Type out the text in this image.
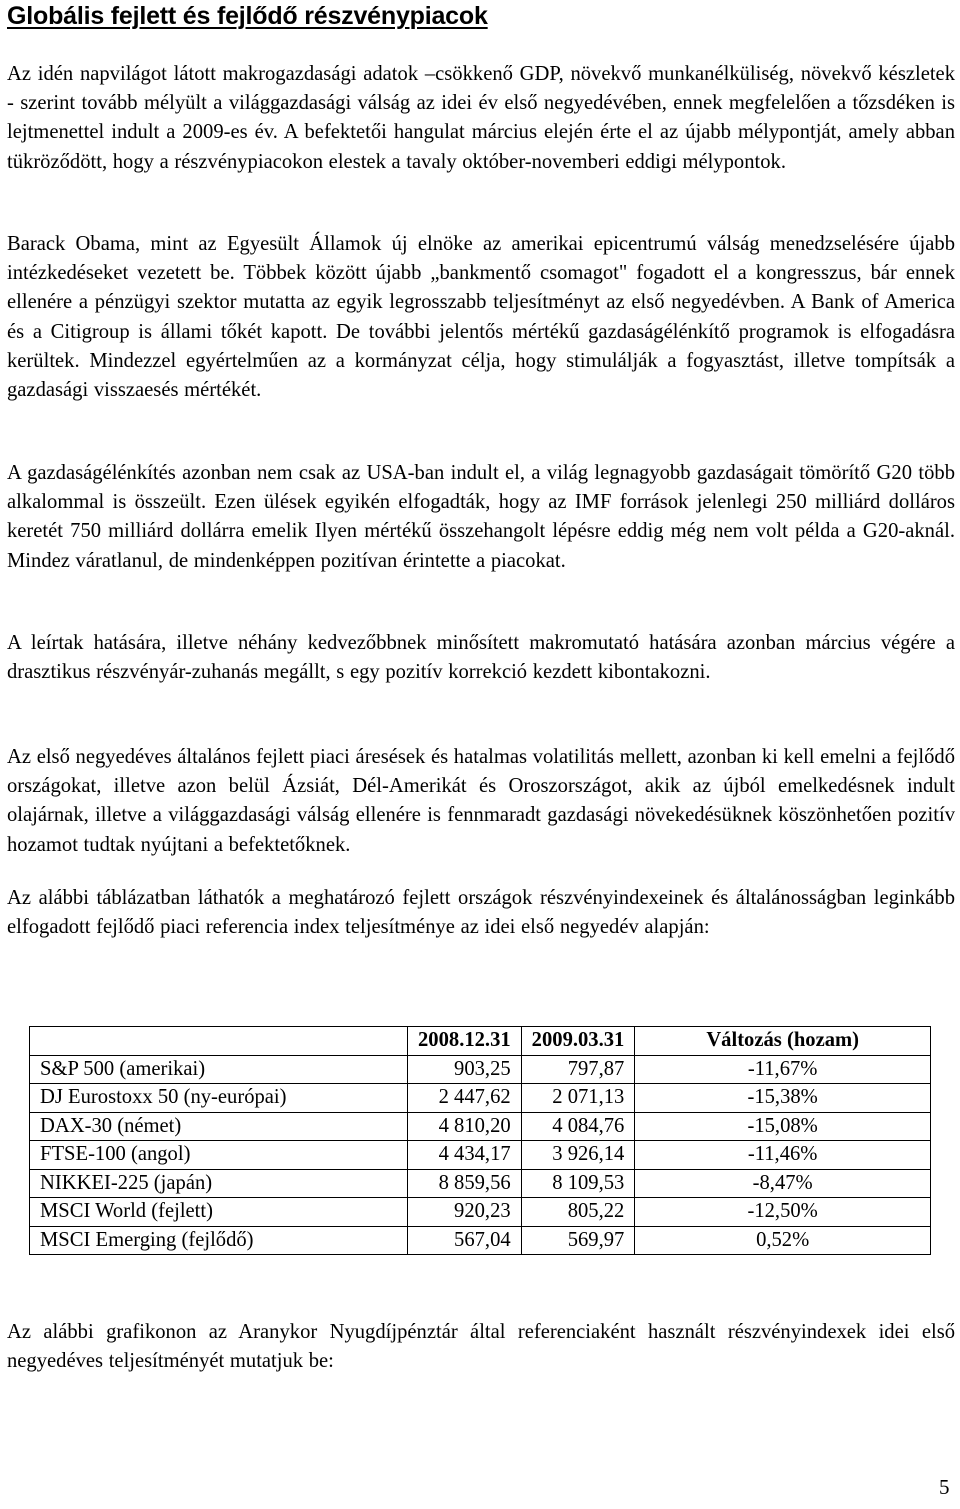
Globális fejlett és fejlődő részvénypiacok

Az idén napvilágot látott makrogazdasági adatok –csökkenő GDP, növekvő munkanélküliség, növekvő készletek - szerint tovább mélyült a világgazdasági válság az idei év első negyedévében, ennek megfelelően a tőzsdéken is lejtmenettel indult a 2009-es év. A befektetői hangulat március elején érte el az újabb mélypontját, amely abban tükröződött, hogy a részvénypiacokon elestek a tavaly október-novemberi eddigi mélypontok.

Barack Obama, mint az Egyesült Államok új elnöke az amerikai epicentrumú válság menedzselésére újabb intézkedéseket vezetett be. Többek között újabb „bankmentő csomagot" fogadott el a kongresszus, bár ennek ellenére a pénzügyi szektor mutatta az egyik legrosszabb teljesítményt az első negyedévben. A Bank of America és a Citigroup is állami tőkét kapott. De további jelentős mértékű gazdaságélénkítő programok is elfogadásra kerültek. Mindezzel egyértelműen az a kormányzat célja, hogy stimulálják a fogyasztást, illetve tompítsák a gazdasági visszaesés mértékét.

A gazdaságélénkítés azonban nem csak az USA-ban indult el, a világ legnagyobb gazdaságait tömörítő G20 több alkalommal is összeült. Ezen ülések egyikén elfogadták, hogy az IMF források jelenlegi 250 milliárd dolláros keretét 750 milliárd dollárra emelik Ilyen mértékű összehangolt lépésre eddig még nem volt példa a G20-aknál. Mindez váratlanul, de mindenképpen pozitívan érintette a piacokat.

A leírtak hatására, illetve néhány kedvezőbbnek minősített makromutató hatására azonban március végére a drasztikus részvényár-zuhanás megállt, s egy pozitív korrekció kezdett kibontakozni.

Az első negyedéves általános fejlett piaci áresések és hatalmas volatilitás mellett, azonban ki kell emelni a fejlődő országokat, illetve azon belül Ázsiát, Dél-Amerikát és Oroszországot, akik az újból emelkedésnek indult olajárnak, illetve a világgazdasági válság ellenére is fennmaradt gazdasági növekedésüknek köszönhetően pozitív hozamot tudtak nyújtani a befektetőknek.

Az alábbi táblázatban láthatók a meghatározó fejlett országok részvényindexeinek és általánosságban leginkább elfogadott fejlődő piaci referencia index teljesítménye az idei első negyedév alapján:

	2008.12.31	2009.03.31	Változás (hozam)
S&P 500 (amerikai)	903,25	797,87	-11,67%
DJ Eurostoxx 50 (ny-európai)	2 447,62	2 071,13	-15,38%
DAX-30 (német)	4 810,20	4 084,76	-15,08%
FTSE-100 (angol)	4 434,17	3 926,14	-11,46%
NIKKEI-225 (japán)	8 859,56	8 109,53	-8,47%
MSCI World (fejlett)	920,23	805,22	-12,50%
MSCI Emerging (fejlődő)	567,04	569,97	0,52%

Az alábbi grafikonon az Aranykor Nyugdíjpénztár által referenciaként használt részvényindexek idei első negyedéves teljesítményét mutatjuk be:

5
